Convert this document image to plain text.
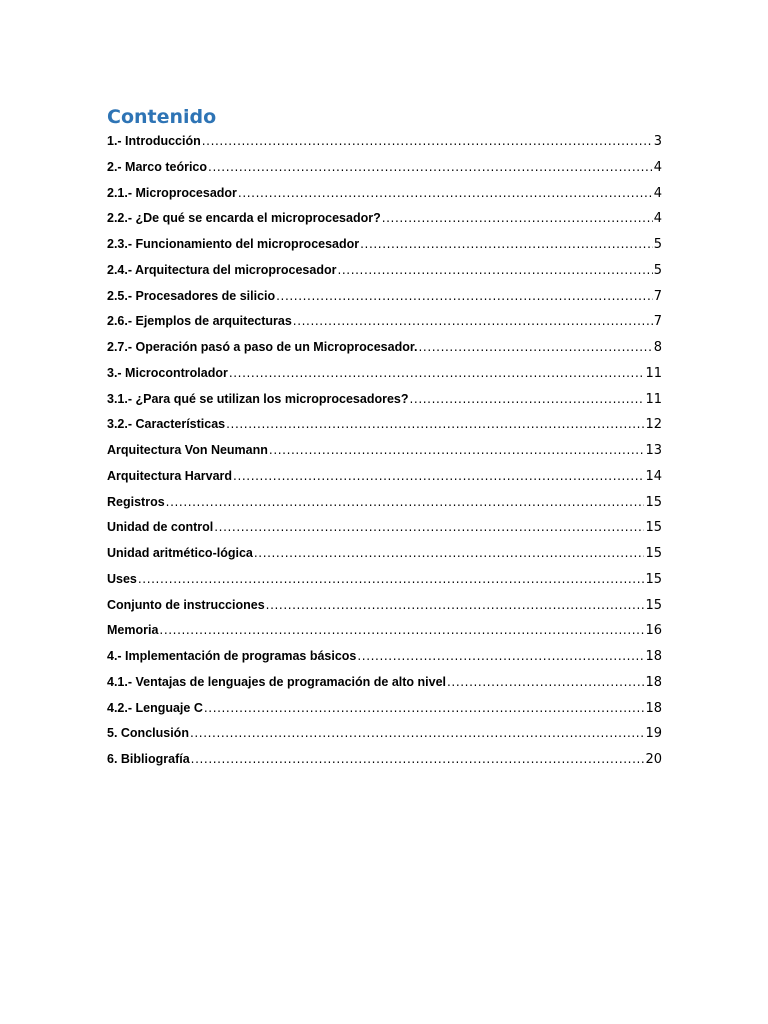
Contenido
1.- Introducción .....	3
2.- Marco teórico .....	4
2.1.- Microprocesador .....	4
2.2.- ¿De qué se encarda el microprocesador? .....	4
2.3.- Funcionamiento del microprocesador .....	5
2.4.- Arquitectura del microprocesador .....	5
2.5.- Procesadores de silicio .....	7
2.6.- Ejemplos de arquitecturas .....	7
2.7.- Operación pasó a paso de un Microprocesador. .....	8
3.- Microcontrolador .....	11
3.1.- ¿Para qué se utilizan los microprocesadores? .....	11
3.2.- Características .....	12
Arquitectura Von Neumann .....	13
Arquitectura Harvard .....	14
Registros .....	15
Unidad de control .....	15
Unidad aritmético-lógica .....	15
Uses .....	15
Conjunto de instrucciones .....	15
Memoria .....	16
4.- Implementación de programas básicos .....	18
4.1.- Ventajas de lenguajes de programación de alto nivel .....	18
4.2.- Lenguaje C .....	18
5. Conclusión .....	19
6. Bibliografía .....	20
